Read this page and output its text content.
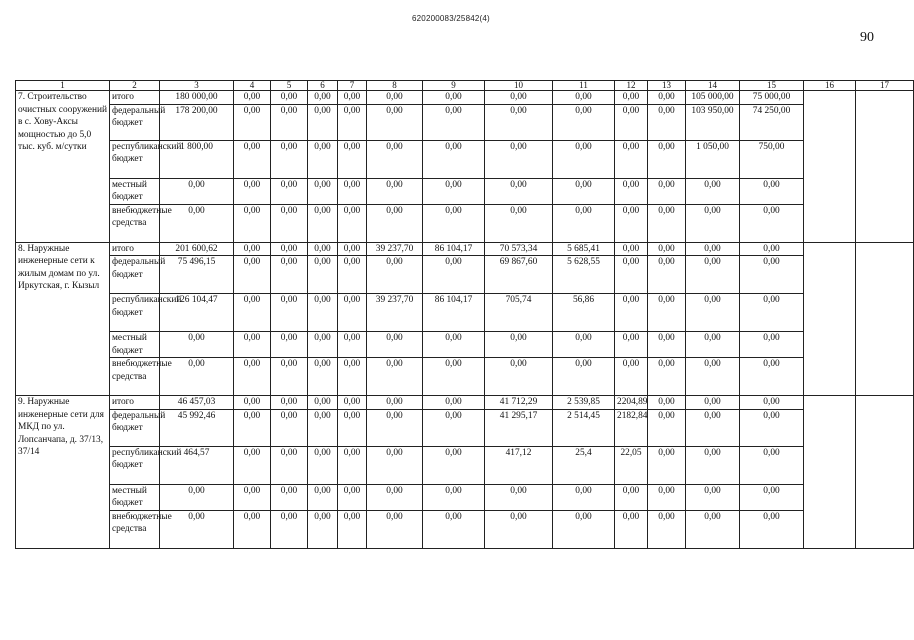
620200083/25842(4)
90
1	2	3	4	5	6	7	8	9	10	11	12	13	14	15	16	17
7. Строительство очистных сооружений в с. Хову-Аксы мощностью до 5,0 тыс. куб. м/сутки	итого	180 000,00	0,00	0,00	0,00	0,00	0,00	0,00	0,00	0,00	0,00	0,00	105 000,00	75 000,00		
	федеральный бюджет	178 200,00	0,00	0,00	0,00	0,00	0,00	0,00	0,00	0,00	0,00	0,00	103 950,00	74 250,00		
	республиканский бюджет	1 800,00	0,00	0,00	0,00	0,00	0,00	0,00	0,00	0,00	0,00	0,00	1 050,00	750,00		
	местный бюджет	0,00	0,00	0,00	0,00	0,00	0,00	0,00	0,00	0,00	0,00	0,00	0,00	0,00		
	внебюджетные средства	0,00	0,00	0,00	0,00	0,00	0,00	0,00	0,00	0,00	0,00	0,00	0,00	0,00		
8. Наружные инженерные сети к жилым домам по ул. Иркутская, г. Кызыл	итого	201 600,62	0,00	0,00	0,00	0,00	39 237,70	86 104,17	70 573,34	5 685,41	0,00	0,00	0,00	0,00		
	федеральный бюджет	75 496,15	0,00	0,00	0,00	0,00	0,00	0,00	69 867,60	5 628,55	0,00	0,00	0,00	0,00		
	республиканский бюджет	126 104,47	0,00	0,00	0,00	0,00	39 237,70	86 104,17	705,74	56,86	0,00	0,00	0,00	0,00		
	местный бюджет	0,00	0,00	0,00	0,00	0,00	0,00	0,00	0,00	0,00	0,00	0,00	0,00	0,00		
	внебюджетные средства	0,00	0,00	0,00	0,00	0,00	0,00	0,00	0,00	0,00	0,00	0,00	0,00	0,00		
9. Наружные инженерные сети для МКД по ул. Лопсанчапа, д. 37/13, 37/14	итого	46 457,03	0,00	0,00	0,00	0,00	0,00	0,00	41 712,29	2 539,85	2204,89	0,00	0,00	0,00		
	федеральный бюджет	45 992,46	0,00	0,00	0,00	0,00	0,00	0,00	41 295,17	2 514,45	2182,84	0,00	0,00	0,00		
	республиканский бюджет	464,57	0,00	0,00	0,00	0,00	0,00	0,00	417,12	25,4	22,05	0,00	0,00	0,00		
	местный бюджет	0,00	0,00	0,00	0,00	0,00	0,00	0,00	0,00	0,00	0,00	0,00	0,00	0,00		
	внебюджетные средства	0,00	0,00	0,00	0,00	0,00	0,00	0,00	0,00	0,00	0,00	0,00	0,00	0,00		
